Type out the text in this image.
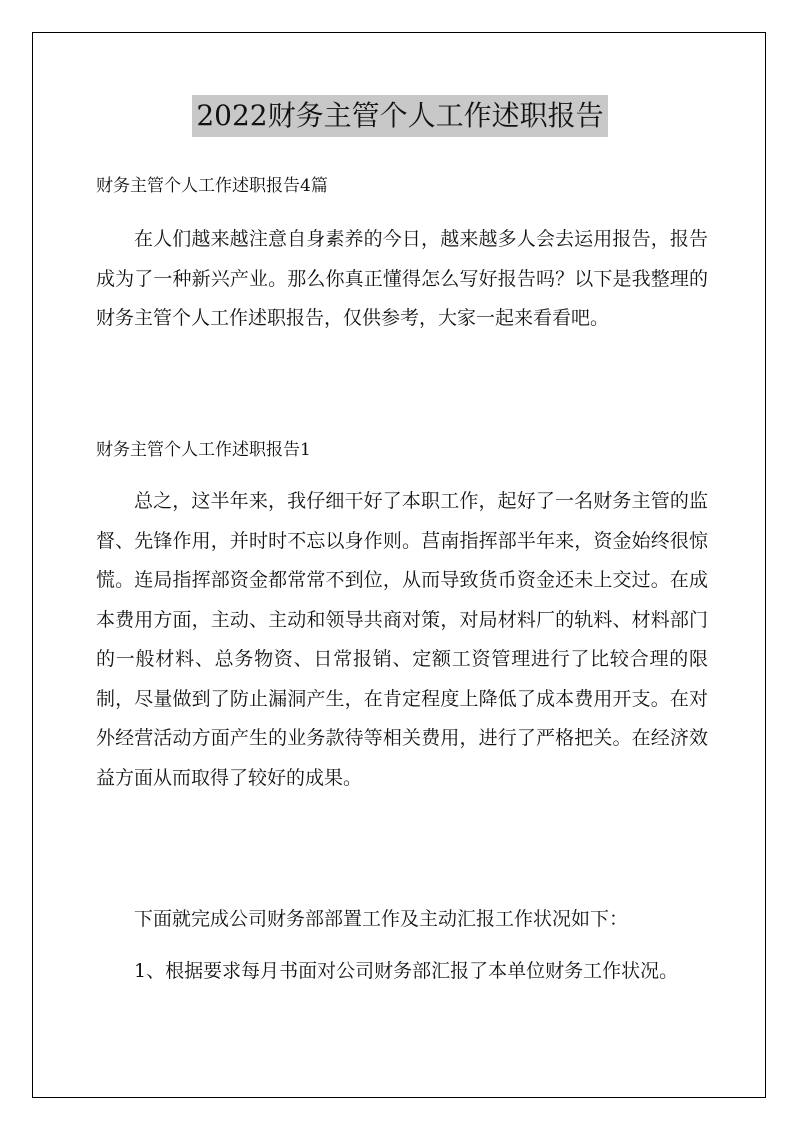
2022财务主管个人工作述职报告
财务主管个人工作述职报告4篇

在人们越来越注意自身素养的今日，越来越多人会去运用报告，报告成为了一种新兴产业。那么你真正懂得怎么写好报告吗？以下是我整理的财务主管个人工作述职报告，仅供参考，大家一起来看看吧。

财务主管个人工作述职报告1

总之，这半年来，我仔细干好了本职工作，起好了一名财务主管的监督、先锋作用，并时时不忘以身作则。莒南指挥部半年来，资金始终很惊慌。连局指挥部资金都常常不到位，从而导致货币资金还未上交过。在成本费用方面，主动、主动和领导共商对策，对局材料厂的轨料、材料部门的一般材料、总务物资、日常报销、定额工资管理进行了比较合理的限制，尽量做到了防止漏洞产生，在肯定程度上降低了成本费用开支。在对外经营活动方面产生的业务款待等相关费用，进行了严格把关。在经济效益方面从而取得了较好的成果。

下面就完成公司财务部部置工作及主动汇报工作状况如下：

1、根据要求每月书面对公司财务部汇报了本单位财务工作状况。
